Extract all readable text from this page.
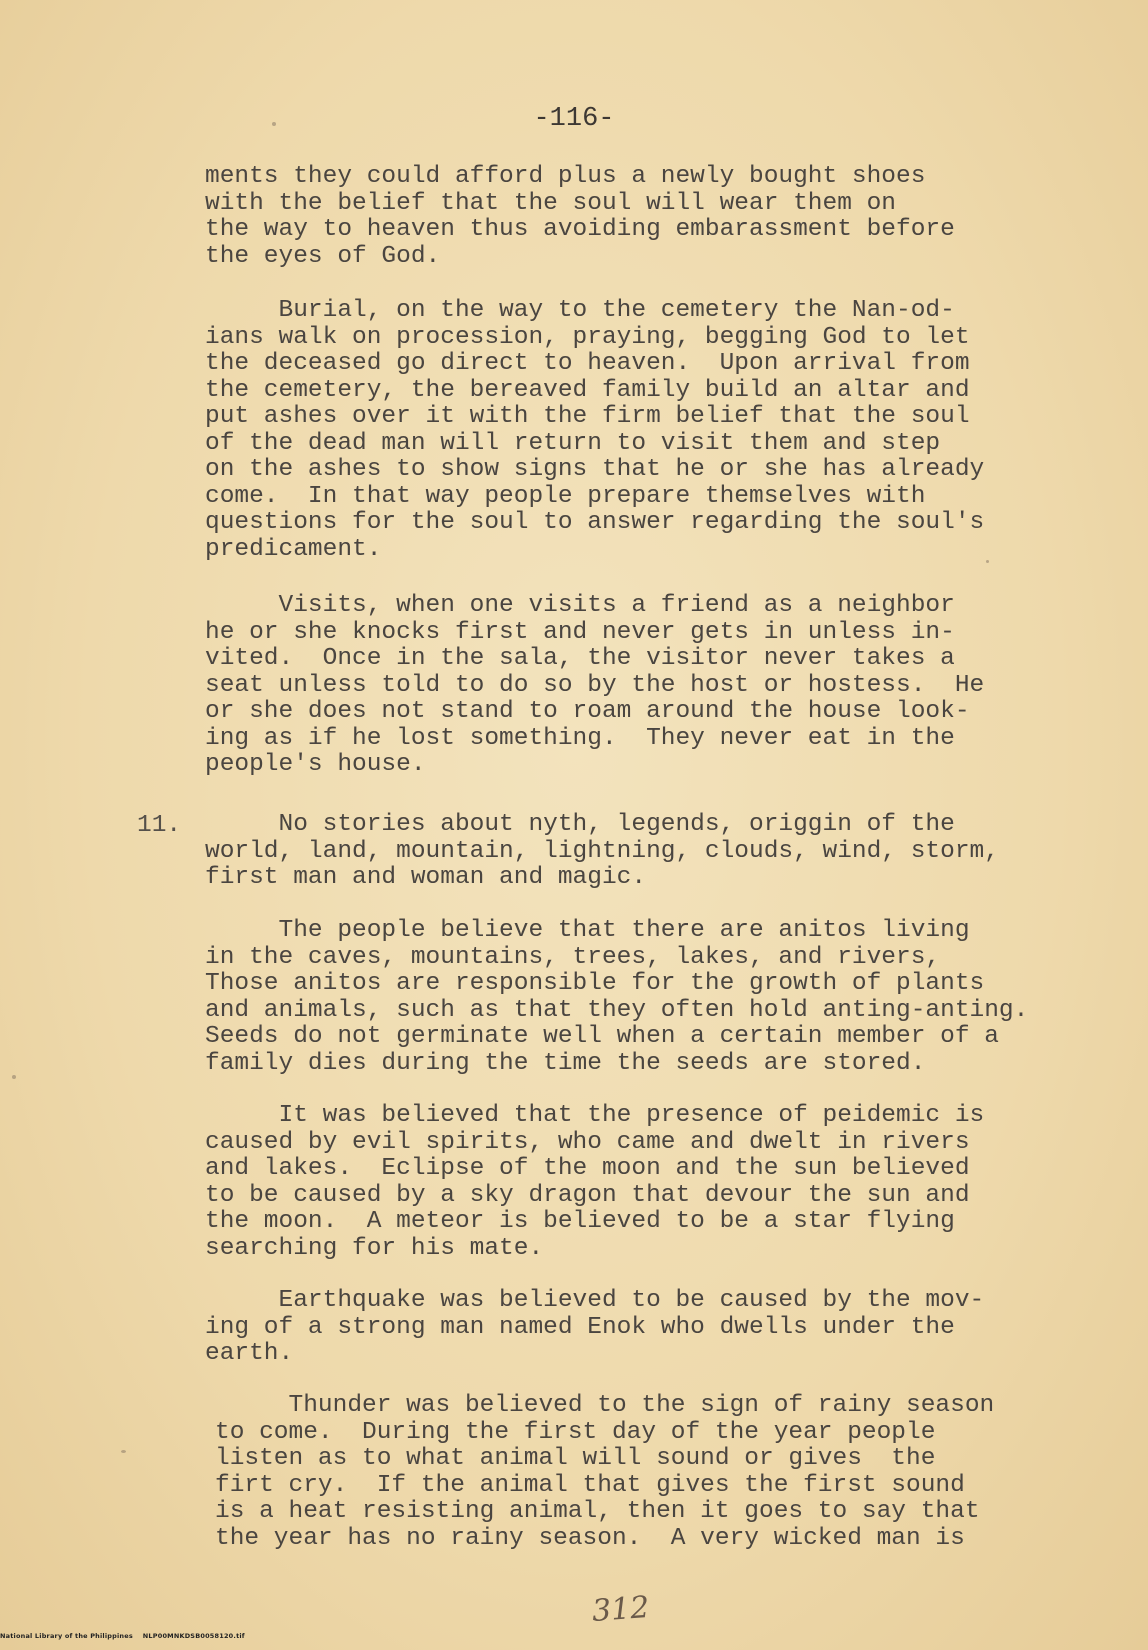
-116-
ments they could afford plus a newly bought shoes
with the belief that the soul will wear them on
the way to heaven thus avoiding embarassment before
the eyes of God.
Burial, on the way to the cemetery the Nan-od-
ians walk on procession, praying, begging God to let
the deceased go direct to heaven.  Upon arrival from
the cemetery, the bereaved family build an altar and
put ashes over it with the firm belief that the soul
of the dead man will return to visit them and step
on the ashes to show signs that he or she has already
come.  In that way people prepare themselves with
questions for the soul to answer regarding the soul's
predicament.
Visits, when one visits a friend as a neighbor
he or she knocks first and never gets in unless in-
vited.  Once in the sala, the visitor never takes a
seat unless told to do so by the host or hostess.  He
or she does not stand to roam around the house look-
ing as if he lost something.  They never eat in the
people's house.
11. No stories about nyth, legends, origgin of the
world, land, mountain, lightning, clouds, wind, storm,
first man and woman and magic.
The people believe that there are anitos living
in the caves, mountains, trees, lakes, and rivers,
Those anitos are responsible for the growth of plants
and animals, such as that they often hold anting-anting.
Seeds do not germinate well when a certain member of a
family dies during the time the seeds are stored.
It was believed that the presence of peidemic is
caused by evil spirits, who came and dwelt in rivers
and lakes.  Eclipse of the moon and the sun believed
to be caused by a sky dragon that devour the sun and
the moon.  A meteor is believed to be a star flying
searching for his mate.
Earthquake was believed to be caused by the mov-
ing of a strong man named Enok who dwells under the
earth.
Thunder was believed to the sign of rainy season
to come.  During the first day of the year people
listen as to what animal will sound or gives  the
firt cry.  If the animal that gives the first sound
is a heat resisting animal, then it goes to say that
the year has no rainy season.  A very wicked man is
312
National Library of the Philippines    NLP00MNKDSB0058120.tif
